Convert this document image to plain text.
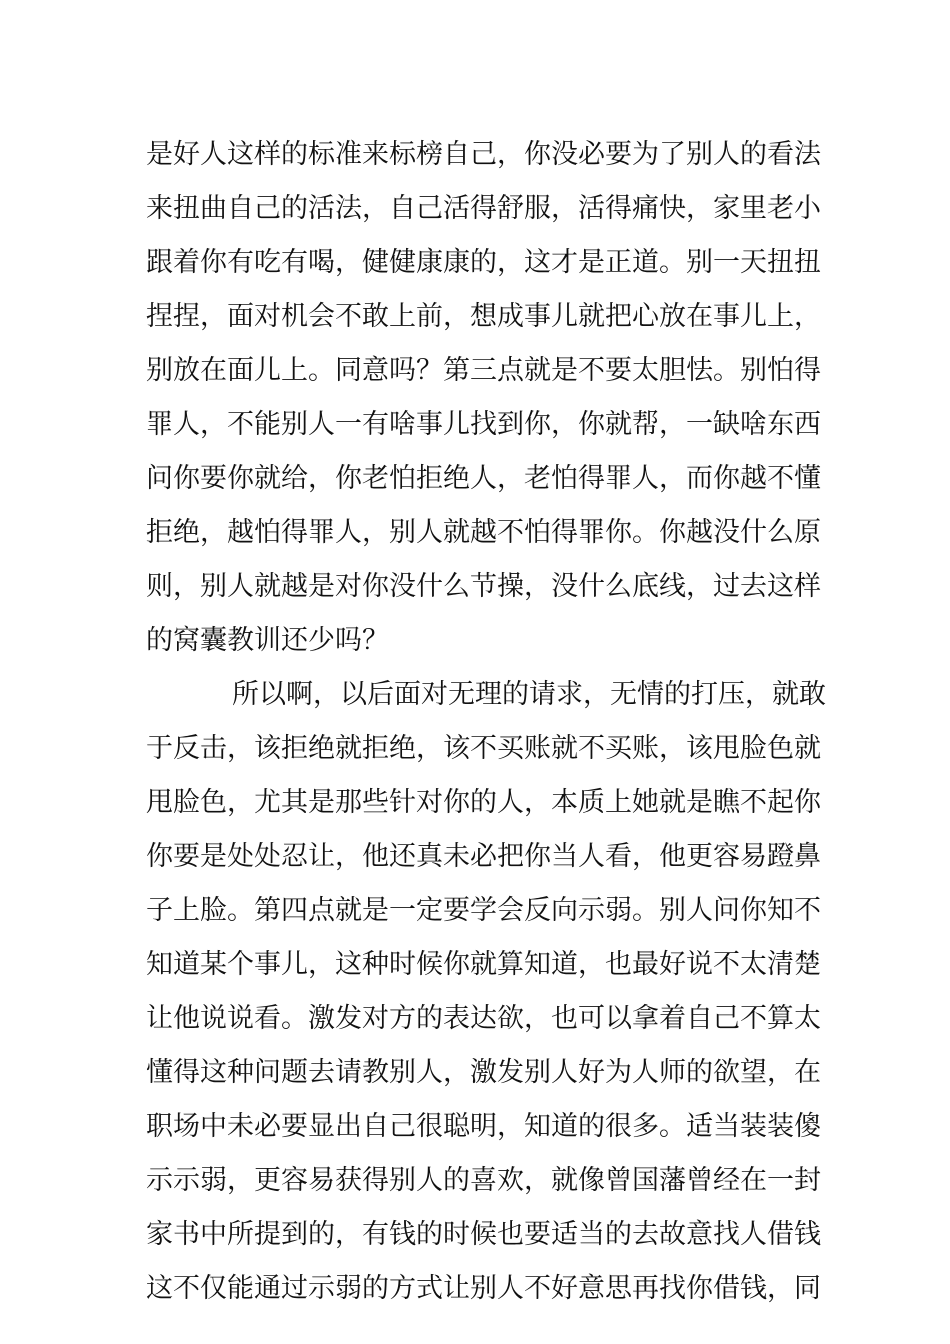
是好人这样的标准来标榜自己，你没必要为了别人的看法
来扭曲自己的活法，自己活得舒服，活得痛快，家里老小
跟着你有吃有喝，健健康康的，这才是正道。别一天扭扭
捏捏，面对机会不敢上前，想成事儿就把心放在事儿上，
别放在面儿上。同意吗？第三点就是不要太胆怯。别怕得
罪人，不能别人一有啥事儿找到你，你就帮，一缺啥东西
问你要你就给，你老怕拒绝人，老怕得罪人，而你越不懂
拒绝，越怕得罪人，别人就越不怕得罪你。你越没什么原
则，别人就越是对你没什么节操，没什么底线，过去这样
的窝囊教训还少吗？
所以啊，以后面对无理的请求，无情的打压，就敢
于反击，该拒绝就拒绝，该不买账就不买账，该甩脸色就
甩脸色，尤其是那些针对你的人，本质上她就是瞧不起你
你要是处处忍让，他还真未必把你当人看，他更容易蹬鼻
子上脸。第四点就是一定要学会反向示弱。别人问你知不
知道某个事儿，这种时候你就算知道，也最好说不太清楚
让他说说看。激发对方的表达欲，也可以拿着自己不算太
懂得这种问题去请教别人，激发别人好为人师的欲望，在
职场中未必要显出自己很聪明，知道的很多。适当装装傻
示示弱，更容易获得别人的喜欢，就像曾国藩曾经在一封
家书中所提到的，有钱的时候也要适当的去故意找人借钱
这不仅能通过示弱的方式让别人不好意思再找你借钱，同
